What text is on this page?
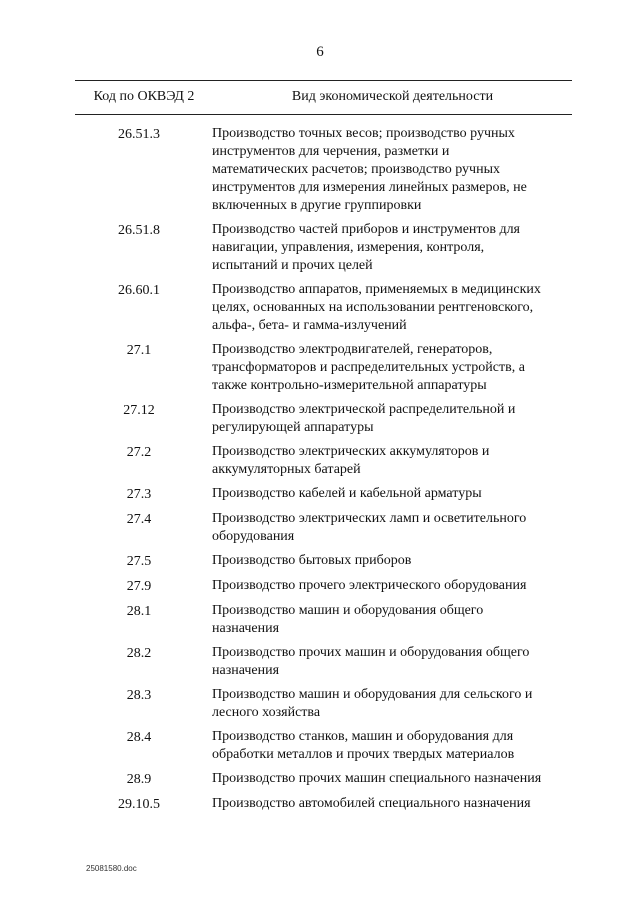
6
Код по ОКВЭД 2	Вид экономической деятельности
26.51.3	Производство точных весов; производство ручных
инструментов для черчения, разметки и
математических расчетов; производство ручных
инструментов для измерения линейных размеров, не
включенных в другие группировки
26.51.8	Производство частей приборов и инструментов для
навигации, управления, измерения, контроля,
испытаний и прочих целей
26.60.1	Производство аппаратов, применяемых в медицинских
целях, основанных на использовании рентгеновского,
альфа-, бета- и гамма-излучений
27.1	Производство электродвигателей, генераторов,
трансформаторов и распределительных устройств, а
также контрольно-измерительной аппаратуры
27.12	Производство электрической распределительной и
регулирующей аппаратуры
27.2	Производство электрических аккумуляторов и
аккумуляторных батарей
27.3	Производство кабелей и кабельной арматуры
27.4	Производство электрических ламп и осветительного
оборудования
27.5	Производство бытовых приборов
27.9	Производство прочего электрического оборудования
28.1	Производство машин и оборудования общего
назначения
28.2	Производство прочих машин и оборудования общего
назначения
28.3	Производство машин и оборудования для сельского и
лесного хозяйства
28.4	Производство станков, машин и оборудования для
обработки металлов и прочих твердых материалов
28.9	Производство прочих машин специального назначения
29.10.5	Производство автомобилей специального назначения
25081580.doc
